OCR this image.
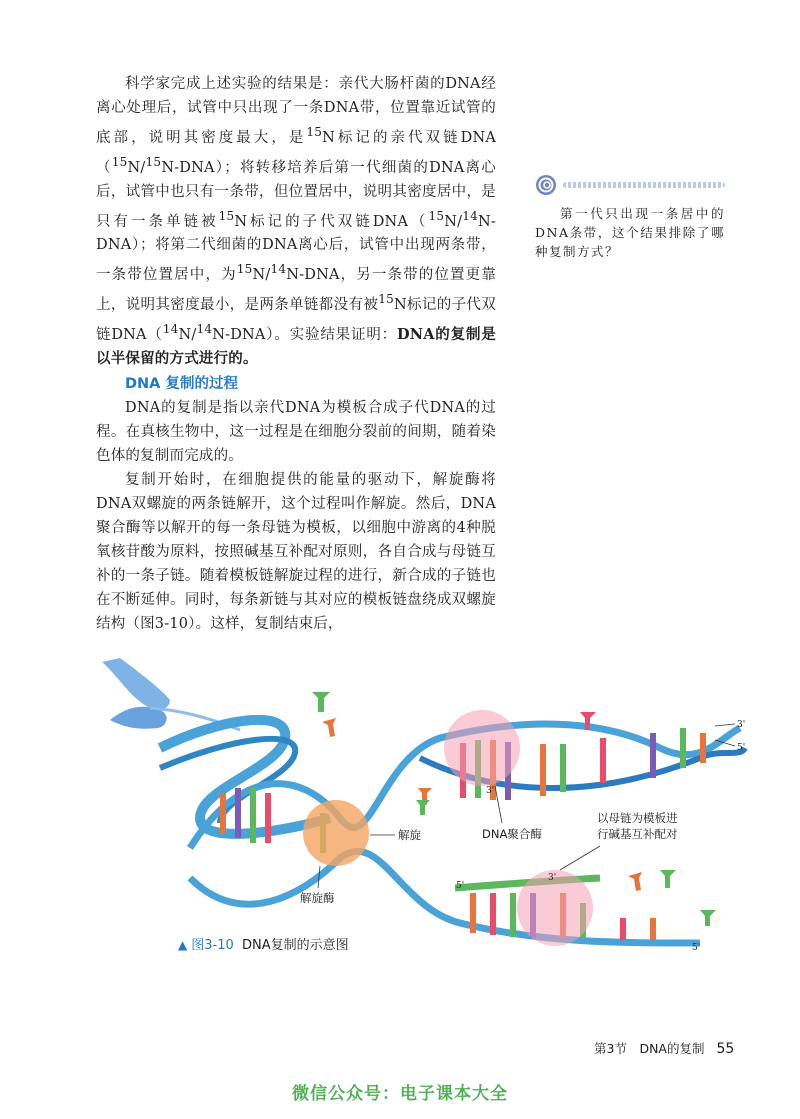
科学家完成上述实验的结果是：亲代大肠杆菌的DNA经离心处理后，试管中只出现了一条DNA带，位置靠近试管的底部，说明其密度最大，是$^{15}$N标记的亲代双链DNA（$^{15}$N/$^{15}$N-DNA）；将转移培养后第一代细菌的DNA离心后，试管中也只有一条带，但位置居中，说明其密度居中，是只有一条单链被$^{15}$N标记的子代双链DNA（$^{15}$N/$^{14}$N-DNA）；将第二代细菌的DNA离心后，试管中出现两条带，一条带位置居中，为$^{15}$N/$^{14}$N-DNA，另一条带的位置更靠上，说明其密度最小，是两条单链都没有被$^{15}$N标记的子代双链DNA（$^{14}$N/$^{14}$N-DNA）。实验结果证明：DNA的复制是以半保留的方式进行的。

DNA 复制的过程

DNA的复制是指以亲代DNA为模板合成子代DNA的过程。在真核生物中，这一过程是在细胞分裂前的间期，随着染色体的复制而完成的。

复制开始时，在细胞提供的能量的驱动下，解旋酶将DNA双螺旋的两条链解开，这个过程叫作解旋。然后，DNA聚合酶等以解开的每一条母链为模板，以细胞中游离的4种脱氧核苷酸为原料，按照碱基互补配对原则，各自合成与母链互补的一条子链。随着模板链解旋过程的进行，新合成的子链也在不断延伸。同时，每条新链与其对应的模板链盘绕成双螺旋结构（图3-10）。这样，复制结束后，

第一代只出现一条居中的DNA条带，这个结果排除了哪种复制方式？
解旋
解旋酶
DNA聚合酶
以母链为模板进
行碱基互补配对
3'
5'
3'
5'
3'
5'
▲ 图3-10 DNA复制的示意图
第3节　DNA的复制 55
微信公众号：电子课本大全
